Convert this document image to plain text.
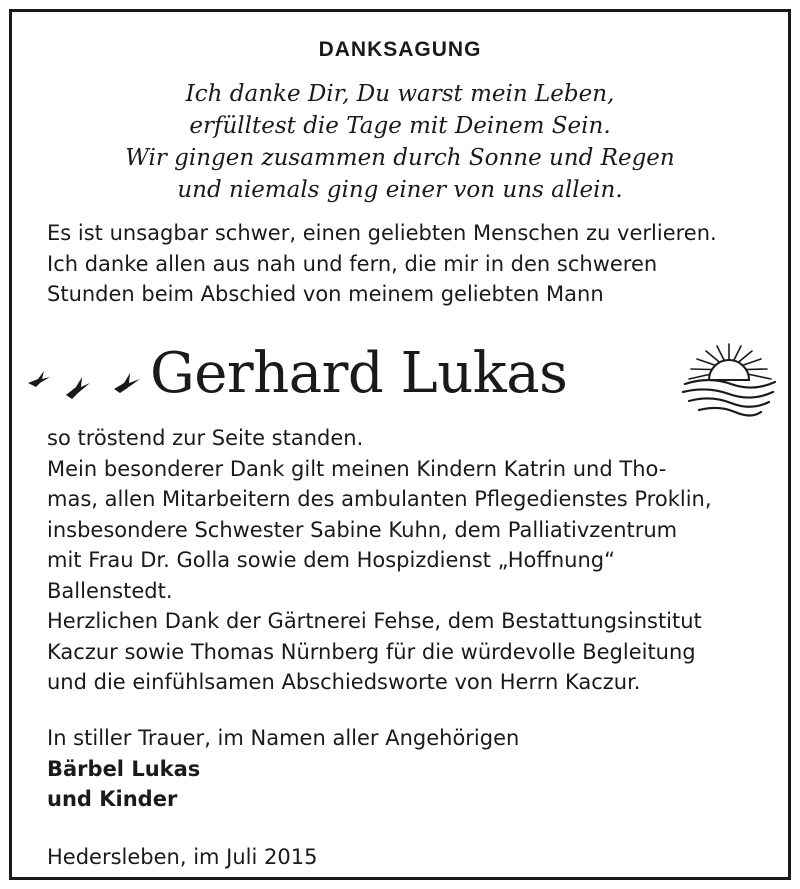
DANKSAGUNG
Ich danke Dir, Du warst mein Leben,
erfülltest die Tage mit Deinem Sein.
Wir gingen zusammen durch Sonne und Regen
und niemals ging einer von uns allein.
Es ist unsagbar schwer, einen geliebten Menschen zu verlieren.
Ich danke allen aus nah und fern, die mir in den schweren
Stunden beim Abschied von meinem geliebten Mann
Gerhard Lukas
so tröstend zur Seite standen.
Mein besonderer Dank gilt meinen Kindern Katrin und Tho-
mas, allen Mitarbeitern des ambulanten Pflegedienstes Proklin,
insbesondere Schwester Sabine Kuhn, dem Palliativzentrum
mit Frau Dr. Golla sowie dem Hospizdienst „Hoffnung“
Ballenstedt.
Herzlichen Dank der Gärtnerei Fehse, dem Bestattungsinstitut
Kaczur sowie Thomas Nürnberg für die würdevolle Begleitung
und die einfühlsamen Abschiedsworte von Herrn Kaczur.
In stiller Trauer, im Namen aller Angehörigen
Bärbel Lukas
und Kinder
Hedersleben, im Juli 2015
